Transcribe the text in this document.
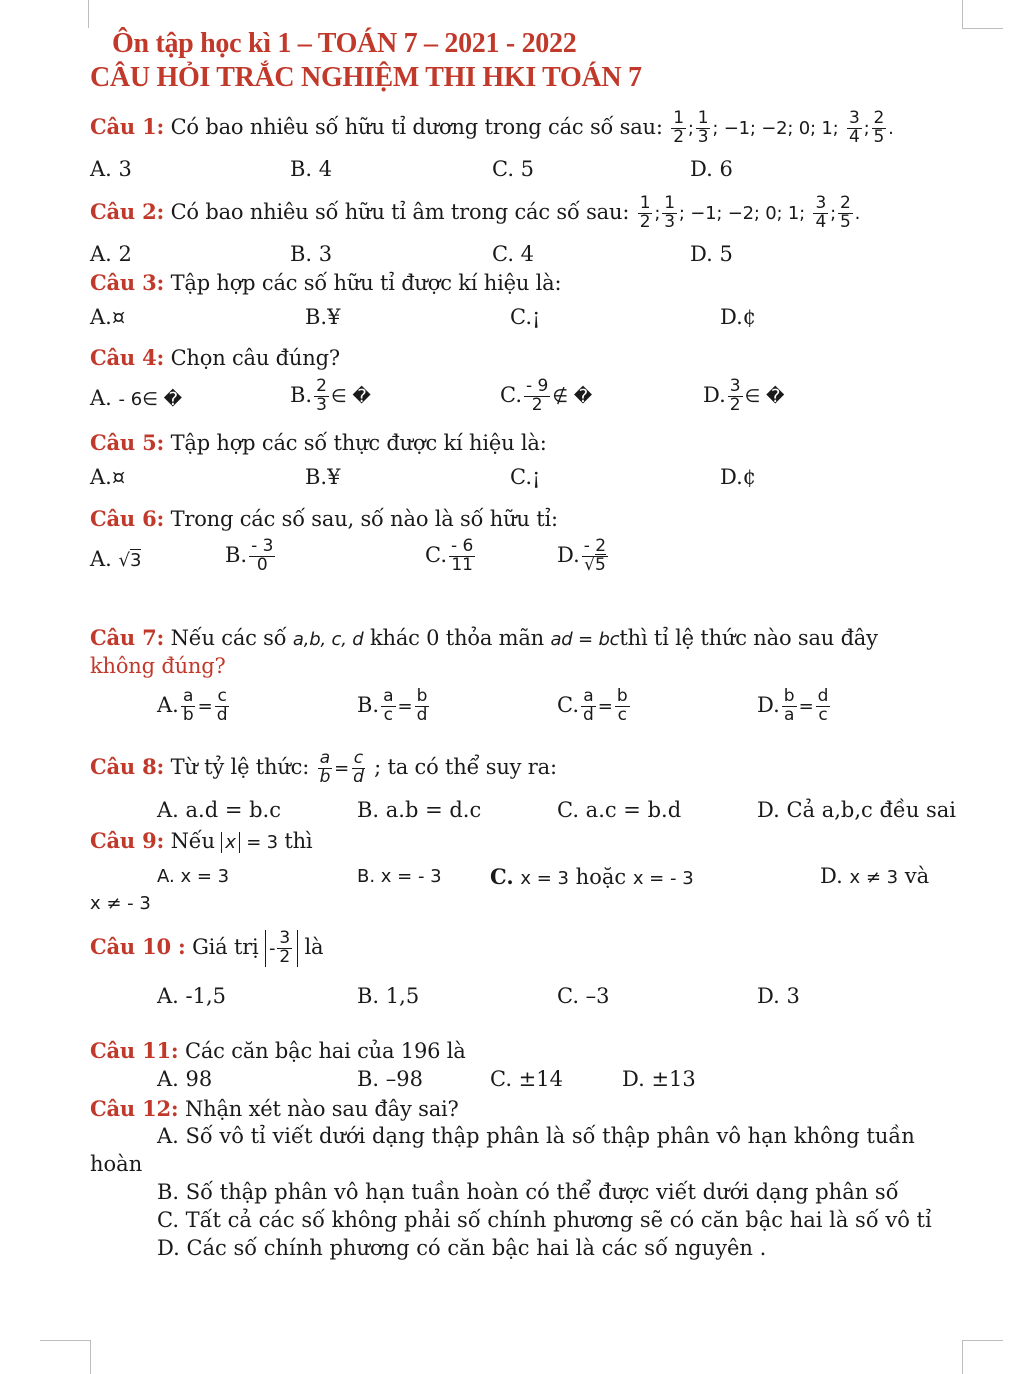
Ôn tập học kì 1 – TOÁN 7 – 2021 - 2022
CÂU HỎI TRẮC NGHIỆM THI HKI TOÁN 7
Câu 1: Có bao nhiêu số hữu tỉ dương trong các số sau: $\frac{1}{2}$ ; $\frac{1}{3}$ ; −1; −2; 0; 1; $\frac{3}{4}$ ; $\frac{2}{5}$ .
A. 3	B. 4	C. 5	D. 6
Câu 2: Có bao nhiêu số hữu tỉ âm trong các số sau: $\frac{1}{2}$ ; $\frac{1}{3}$ ; −1; −2; 0; 1; $\frac{3}{4}$ ; $\frac{2}{5}$ .
A. 2	B. 3	C. 4	D. 5
Câu 3: Tập hợp các số hữu tỉ được kí hiệu là:
A.¤	B.¥	C.¡	D.¢
Câu 4: Chọn câu đúng?
A. - 6∈ �	B. $\frac{2}{3}$ ∈ �	C. $\frac{- 9}{2}$ ∉ �	D. $\frac{3}{2}$ ∈ �
Câu 5: Tập hợp các số thực được kí hiệu là:
A.¤	B.¥	C.¡	D.¢
Câu 6: Trong các số sau, số nào là số hữu tỉ:
A. √3	B. $\frac{- 3}{0}$	C. $\frac{- 6}{11}$	D. $\frac{- 2}{√5}$
Câu 7: Nếu các số a,b, c, d khác 0 thỏa mãn ad = bcthì tỉ lệ thức nào sau đây
không đúng?
A. $\frac{a}{b} = \frac{c}{d}$	B. $\frac{a}{c} = \frac{b}{d}$	C. $\frac{a}{d} = \frac{b}{c}$	D. $\frac{b}{a} = \frac{d}{c}$
Câu 8: Từ tỷ lệ thức: $\frac{a}{b} = \frac{c}{d}$ ; ta có thể suy ra:
A. a.d = b.c	B. a.b = d.c	C. a.c = b.d	D. Cả a,b,c đều sai
Câu 9: Nếu x = 3 thì
A. x = 3	B. x = - 3 C. x = 3 hoặc x = - 3	D. x ≠ 3 và
x ≠ - 3
Câu 10 : Giá trị - $\frac{3}{2}$ là
A. -1,5	B. 1,5	C. –3	D. 3
Câu 11: Các căn bậc hai của 196 là
A. 98	B. –98	C. ±14	D. ±13
Câu 12: Nhận xét nào sau đây sai?
A. Số vô tỉ viết dưới dạng thập phân là số thập phân vô hạn không tuần
hoàn
B. Số thập phân vô hạn tuần hoàn có thể được viết dưới dạng phân số
C. Tất cả các số không phải số chính phương sẽ có căn bậc hai là số vô tỉ
D. Các số chính phương có căn bậc hai là các số nguyên .
